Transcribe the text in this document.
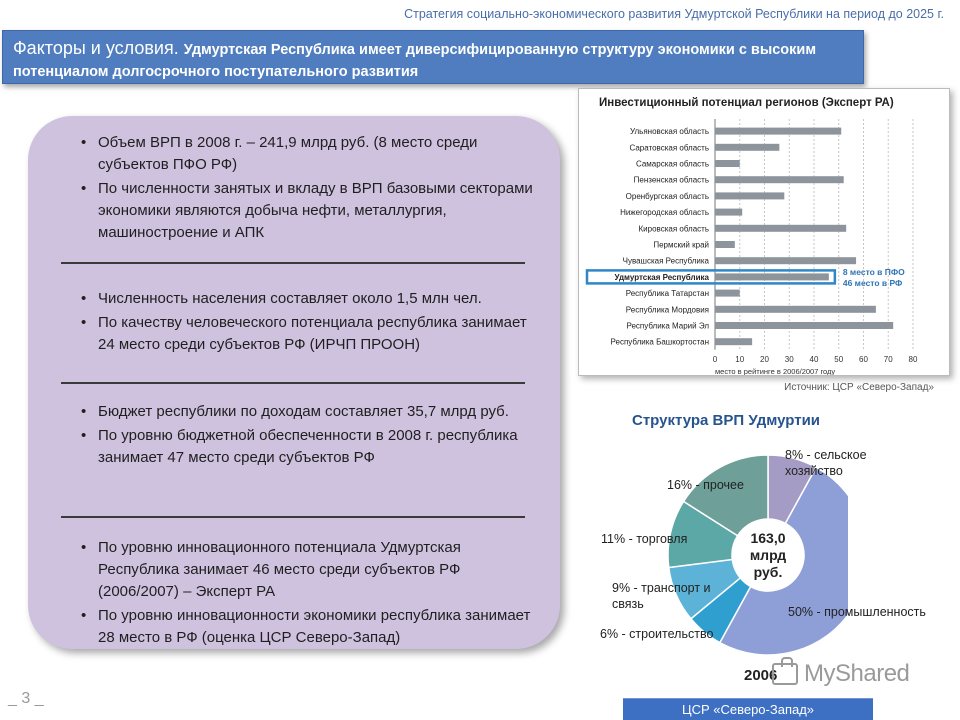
Стратегия социально-экономического развития Удмуртской Республики на период до 2025 г.
Факторы и условия. Удмуртская Республика имеет диверсифицированную структуру экономики с высоким потенциалом долгосрочного поступательного развития
• Объем ВРП в 2008 г. – 241,9 млрд руб. (8 место среди субъектов ПФО РФ)
• По численности занятых и вкладу в ВРП базовыми секторами экономики являются добыча нефти, металлургия, машиностроение и АПК
• Численность населения составляет около 1,5 млн чел.
• По качеству человеческого потенциала республика занимает 24 место среди субъектов РФ (ИРЧП ПРООН)
• Бюджет республики по доходам составляет 35,7 млрд руб.
• По уровню бюджетной обеспеченности в 2008 г. республика занимает 47 место среди субъектов РФ
• По уровню инновационного потенциала Удмуртская Республика занимает 46 место среди субъектов РФ (2006/2007) – Эксперт РА
• По уровню инновационности экономики республика занимает 28 место в РФ (оценка ЦСР Северо-Запад)
Инвестиционный потенциал регионов (Эксперт РА)
0 10 20 30 40 50 60 70 80
Ульяновская область
Саратовская область
Самарская область
Пензенская область
Оренбургская область
Нижегородская область
Кировская область
Пермский край
Чувашская Республика
Удмуртская Республика
8 место в ПФО
46 место в РФ
Республика Татарстан
Республика Мордовия
Республика Марий Эл
Республика Башкортостан
место в рейтинге в 2006/2007 году
Источник: ЦСР «Северо-Запад»
Структура ВРП Удмуртии
163,0
млрд
руб.
8% - сельское хозяйство
50% - промышленность
6% - строительство
9% - транспорт и связь
11% - торговля
16% - прочее
2006 MyShared
_ 3 _
ЦСР «Северо-Запад»
